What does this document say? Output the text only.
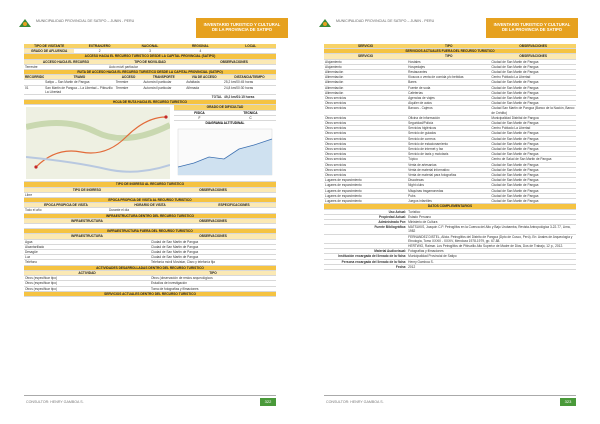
MUNICIPALIDAD PROVINCIAL DE SATIPO – JUNIN - PERU
INVENTARIO TURISTICO Y CULTURAL
DE LA PROVINCIA DE SATIPO
TIPO DE VISITANTE	EXTRANJERO	NACIONAL	REGIONAL	LOCAL
GRADO DE AFLUENCIA	2	3	4	
ACCESO HACIA EL RECURSO TURISTICO DESDE LA CAPITAL PROVINCIAL (SATIPO)		
ACCESO HACIA EL RECURSO	TIPO DE MOVILIDAD	OBSERVACIONES
Terrestre	Auto móvil particular	
RUTA DE ACCESO HACIA EL RECURSO TURISTICO DESDE LA CAPITAL PROVINCIAL (SATIPO)		
RECORRIDO	TRAMO	ACCESO	TRANSPORTE	VIA DE ACCESO	DISTANCIA/TIEMPO
	Satipo – San Martin de Pangoa	Terrestre	Automóvil particular	Asfaltada	25,2 km/00:45 horas
01	San Martin de Pangoa – La Libertad – Pitiruzillo La Libertad	Terrestre	Automóvil particular	Afirmada	24,8 km/00:30 horas
TOTAL					49,2 km/01:15 horas
HOJA DE RUTA HACIA EL RECURSO TURISTICO					
GRADO DE DIFICULTAD
FISICA	TECNICA
F	C
DIAGRAMA ALTITUDINAL
TIPO DE INGRESO AL RECURSO TURISTICO	
TIPO DE INGRESO	OBSERVACIONES
Libre	
EPOCA PROPICIA DE VISITA AL RECURSO TURISTICO		
EPOCA PROPICIA DE VISITA	HORARIO DE VISITA	ESPECIFICACIONES
Todo el año	Durante el día	
INFRAESTRUCTURA DENTRO DEL RECURSO TURISTICO	
INFRAESTRUCTURA	OBSERVACIONES

INFRAESTRUCTURA FUERA DEL RECURSO TURISTICO	
INFRAESTRUCTURA	OBSERVACIONES
Agua	Ciudad de San Martin de Pangoa
Alcantarillado	Ciudad de San Martin de Pangoa
Desagüe	Ciudad de San Martin de Pangoa
Luz	Ciudad de San Martin de Pangoa
Teléfono	Telefonía móvil Movistar, Claro y telefonía fija
ACTIVIDADES DESARROLLADAS DENTRO DEL RECURSO TURISTICO	
ACTIVIDAD	TIPO
Otros (especificar tipo)	Otros (observación de restos arqueológicos
Otros (especificar tipo)	Estudios de investigación
Otros (especificar tipo)	Toma de fotografías y filmaciones
SERVICIOS ACTUALES DENTRO DEL RECURSO TURISTICO	
CONSULTOR: HENRY GAMBOA S.	322
MUNICIPALIDAD PROVINCIAL DE SATIPO – JUNIN - PERU
INVENTARIO TURISTICO Y CULTURAL
DE LA PROVINCIA DE SATIPO
SERVICIO	TIPO	OBSERVACIONES
SERVICIOS ACTUALES FUERA DEL RECURSO TURISTICO		
SERVICIO	TIPO	OBSERVACIONES
Alojamiento	Hostales	Ciudad de San Martin de Pangoa
Alojamiento	Hospedajes	Ciudad de San Martin de Pangoa
Alimentación	Restaurantes	Ciudad de San Martin de Pangoa
Alimentación	Kioscos o venta de comida y/o bebidas	Centro Poblado La Libertad
Alimentación	Bares	Ciudad de San Martin de Pangoa
Alimentación	Fuente de soda	Ciudad de San Martin de Pangoa
Alimentación	Cafeterías	Ciudad de San Martin de Pangoa
Otros servicios	Agencias de viajes	Ciudad de San Martin de Pangoa
Otros servicios	Alquiler de autos	Ciudad de San Martin de Pangoa
Otros servicios	Bancos - Cajeros	Ciudad San Martin de Pangoa (Banco de la Nación, Banco de Crédito)
Otros servicios	Oficina de información	Municipalidad Distrital de Pangoa
Otros servicios	Seguridad/Policía	Ciudad de San Martin de Pangoa
Otros servicios	Servicios higiénicos	Centro Poblado La Libertad
Otros servicios	Servicio de guiados	Ciudad de San Martin de Pangoa
Otros servicios	Servicio de correos	Ciudad de San Martin de Pangoa
Otros servicios	Servicio de estacionamiento	Ciudad de San Martin de Pangoa
Otros servicios	Servicio de internet y fax	Ciudad de San Martin de Pangoa
Otros servicios	Servicio de taxis y mototaxis	Ciudad de San Martin de Pangoa
Otros servicios	Tópico	Centro de Salud de San Martin de Pangoa
Otros servicios	Venta de artesanías	Ciudad de San Martin de Pangoa
Otros servicios	Venta de material informativo	Ciudad de San Martin de Pangoa
Otros servicios	Venta de material para fotografías	Ciudad de San Martin de Pangoa
Lugares de esparcimiento	Discotecas	Ciudad de San Martin de Pangoa
Lugares de esparcimiento	Night clubs	Ciudad de San Martin de Pangoa
Lugares de esparcimiento	Máquinas tragamonedas	Ciudad de San Martin de Pangoa
Lugares de esparcimiento	Pubs	Ciudad de San Martin de Pangoa
Lugares de esparcimiento	Juegos infantiles	Ciudad de San Martin de Pangoa
DATOS COMPLEMENTARIOS	
Uso Actual:	Turístico
Propiedad Actual:	Estado Peruano
Administrado Por:	Ministerio de Cultura
Fuente Bibliográfica:	MATSUKIS, Joaquín C.P. Petroglifos en la Cuenca del Alto y Bajo Urubamba, Revista Antropológica 3-22-77, Lima, 1982
	FERNANDEZ DISTEL, Alicia. Petroglifos del Distrito de Pangoa (Dpto de Cusco, Perú). En: Anales de Arqueología y Etnología, Tomo XXXIII - XXXIV, Mendoza 1978-1979, pp. 67-88.
	HERTWIG, Raimar. Los Petroglifos de Pitiruzillo Alto Superior de Madre de Dios, Dos de Trabajo, 12 p., 2012.
Material Audiovisual:	Fotografías y filmaciones
Institución encargada del llenado de la ficha:	Municipalidad Provincial de Satipo
Persona encargada del llenado de la ficha:	Henry Gamboa S.
Fecha:	2012
CONSULTOR: HENRY GAMBOA S.	323
